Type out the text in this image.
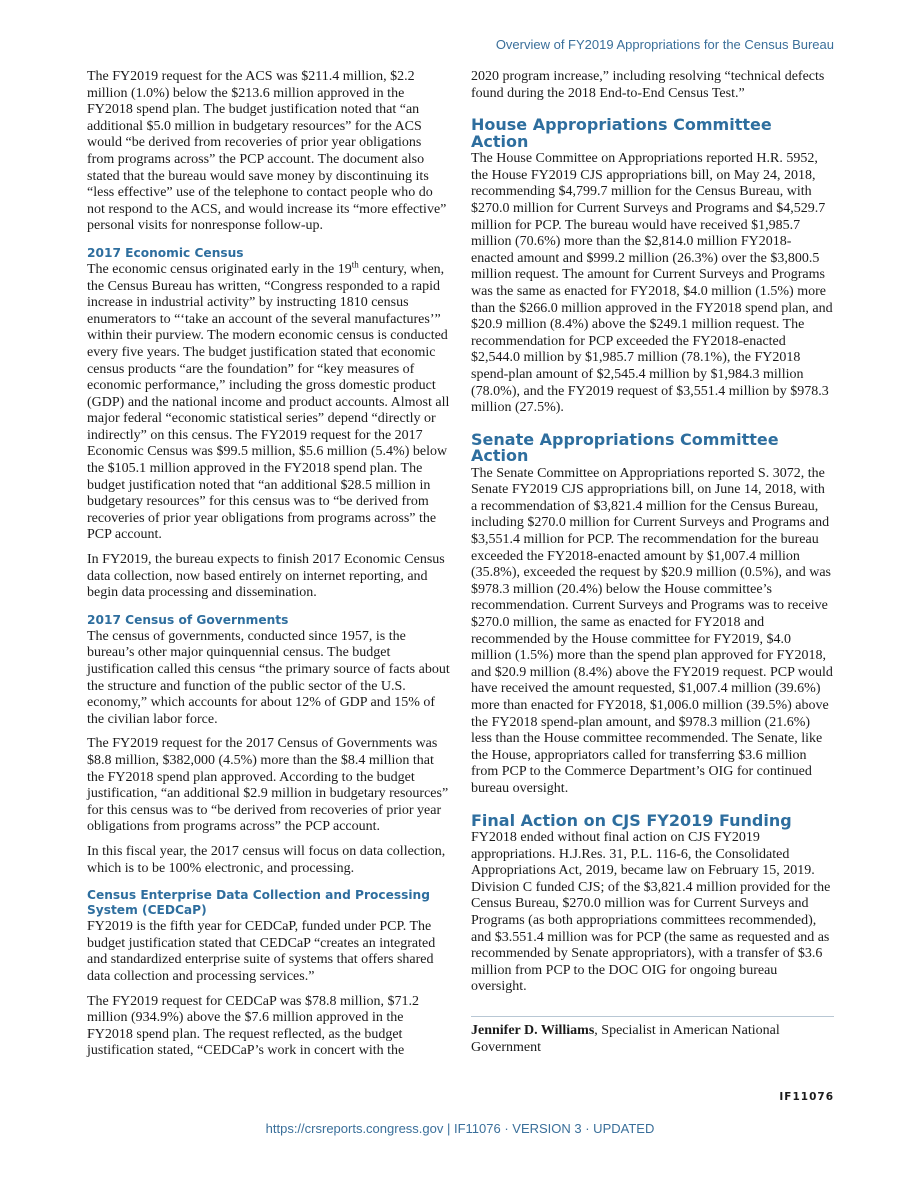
Overview of FY2019 Appropriations for the Census Bureau

The FY2019 request for the ACS was $211.4 million, $2.2 million (1.0%) below the $213.6 million approved in the FY2018 spend plan. The budget justification noted that “an additional $5.0 million in budgetary resources” for the ACS would “be derived from recoveries of prior year obligations from programs across” the PCP account. The document also stated that the bureau would save money by discontinuing its “less effective” use of the telephone to contact people who do not respond to the ACS, and would increase its “more effective” personal visits for nonresponse follow-up.

2017 Economic Census

The economic census originated early in the 19th century, when, the Census Bureau has written, “Congress responded to a rapid increase in industrial activity” by instructing 1810 census enumerators to “‘take an account of the several manufactures’” within their purview. The modern economic census is conducted every five years. The budget justification stated that economic census products “are the foundation” for “key measures of economic performance,” including the gross domestic product (GDP) and the national income and product accounts. Almost all major federal “economic statistical series” depend “directly or indirectly” on this census. The FY2019 request for the 2017 Economic Census was $99.5 million, $5.6 million (5.4%) below the $105.1 million approved in the FY2018 spend plan. The budget justification noted that “an additional $28.5 million in budgetary resources” for this census was to “be derived from recoveries of prior year obligations from programs across” the PCP account.

In FY2019, the bureau expects to finish 2017 Economic Census data collection, now based entirely on internet reporting, and begin data processing and dissemination.

2017 Census of Governments

The census of governments, conducted since 1957, is the bureau’s other major quinquennial census. The budget justification called this census “the primary source of facts about the structure and function of the public sector of the U.S. economy,” which accounts for about 12% of GDP and 15% of the civilian labor force.

The FY2019 request for the 2017 Census of Governments was $8.8 million, $382,000 (4.5%) more than the $8.4 million that the FY2018 spend plan approved. According to the budget justification, “an additional $2.9 million in budgetary resources” for this census was to “be derived from recoveries of prior year obligations from programs across” the PCP account.

In this fiscal year, the 2017 census will focus on data collection, which is to be 100% electronic, and processing.

Census Enterprise Data Collection and Processing System (CEDCaP)

FY2019 is the fifth year for CEDCaP, funded under PCP. The budget justification stated that CEDCaP “creates an integrated and standardized enterprise suite of systems that offers shared data collection and processing services.”

The FY2019 request for CEDCaP was $78.8 million, $71.2 million (934.9%) above the $7.6 million approved in the FY2018 spend plan. The request reflected, as the budget justification stated, “CEDCaP’s work in concert with the

2020 program increase,” including resolving “technical defects found during the 2018 End-to-End Census Test.”

House Appropriations Committee Action

The House Committee on Appropriations reported H.R. 5952, the House FY2019 CJS appropriations bill, on May 24, 2018, recommending $4,799.7 million for the Census Bureau, with $270.0 million for Current Surveys and Programs and $4,529.7 million for PCP. The bureau would have received $1,985.7 million (70.6%) more than the $2,814.0 million FY2018-enacted amount and $999.2 million (26.3%) over the $3,800.5 million request. The amount for Current Surveys and Programs was the same as enacted for FY2018, $4.0 million (1.5%) more than the $266.0 million approved in the FY2018 spend plan, and $20.9 million (8.4%) above the $249.1 million request. The recommendation for PCP exceeded the FY2018-enacted $2,544.0 million by $1,985.7 million (78.1%), the FY2018 spend-plan amount of $2,545.4 million by $1,984.3 million (78.0%), and the FY2019 request of $3,551.4 million by $978.3 million (27.5%).

Senate Appropriations Committee Action

The Senate Committee on Appropriations reported S. 3072, the Senate FY2019 CJS appropriations bill, on June 14, 2018, with a recommendation of $3,821.4 million for the Census Bureau, including $270.0 million for Current Surveys and Programs and $3,551.4 million for PCP. The recommendation for the bureau exceeded the FY2018-enacted amount by $1,007.4 million (35.8%), exceeded the request by $20.9 million (0.5%), and was $978.3 million (20.4%) below the House committee’s recommendation. Current Surveys and Programs was to receive $270.0 million, the same as enacted for FY2018 and recommended by the House committee for FY2019, $4.0 million (1.5%) more than the spend plan approved for FY2018, and $20.9 million (8.4%) above the FY2019 request. PCP would have received the amount requested, $1,007.4 million (39.6%) more than enacted for FY2018, $1,006.0 million (39.5%) above the FY2018 spend-plan amount, and $978.3 million (21.6%) less than the House committee recommended. The Senate, like the House, appropriators called for transferring $3.6 million from PCP to the Commerce Department’s OIG for continued bureau oversight.

Final Action on CJS FY2019 Funding

FY2018 ended without final action on CJS FY2019 appropriations. H.J.Res. 31, P.L. 116-6, the Consolidated Appropriations Act, 2019, became law on February 15, 2019. Division C funded CJS; of the $3,821.4 million provided for the Census Bureau, $270.0 million was for Current Surveys and Programs (as both appropriations committees recommended), and $3.551.4 million was for PCP (the same as requested and as recommended by Senate appropriators), with a transfer of $3.6 million from PCP to the DOC OIG for ongoing bureau oversight.

Jennifer D. Williams, Specialist in American National Government

IF11076
https://crsreports.congress.gov | IF11076 · VERSION 3 · UPDATED
